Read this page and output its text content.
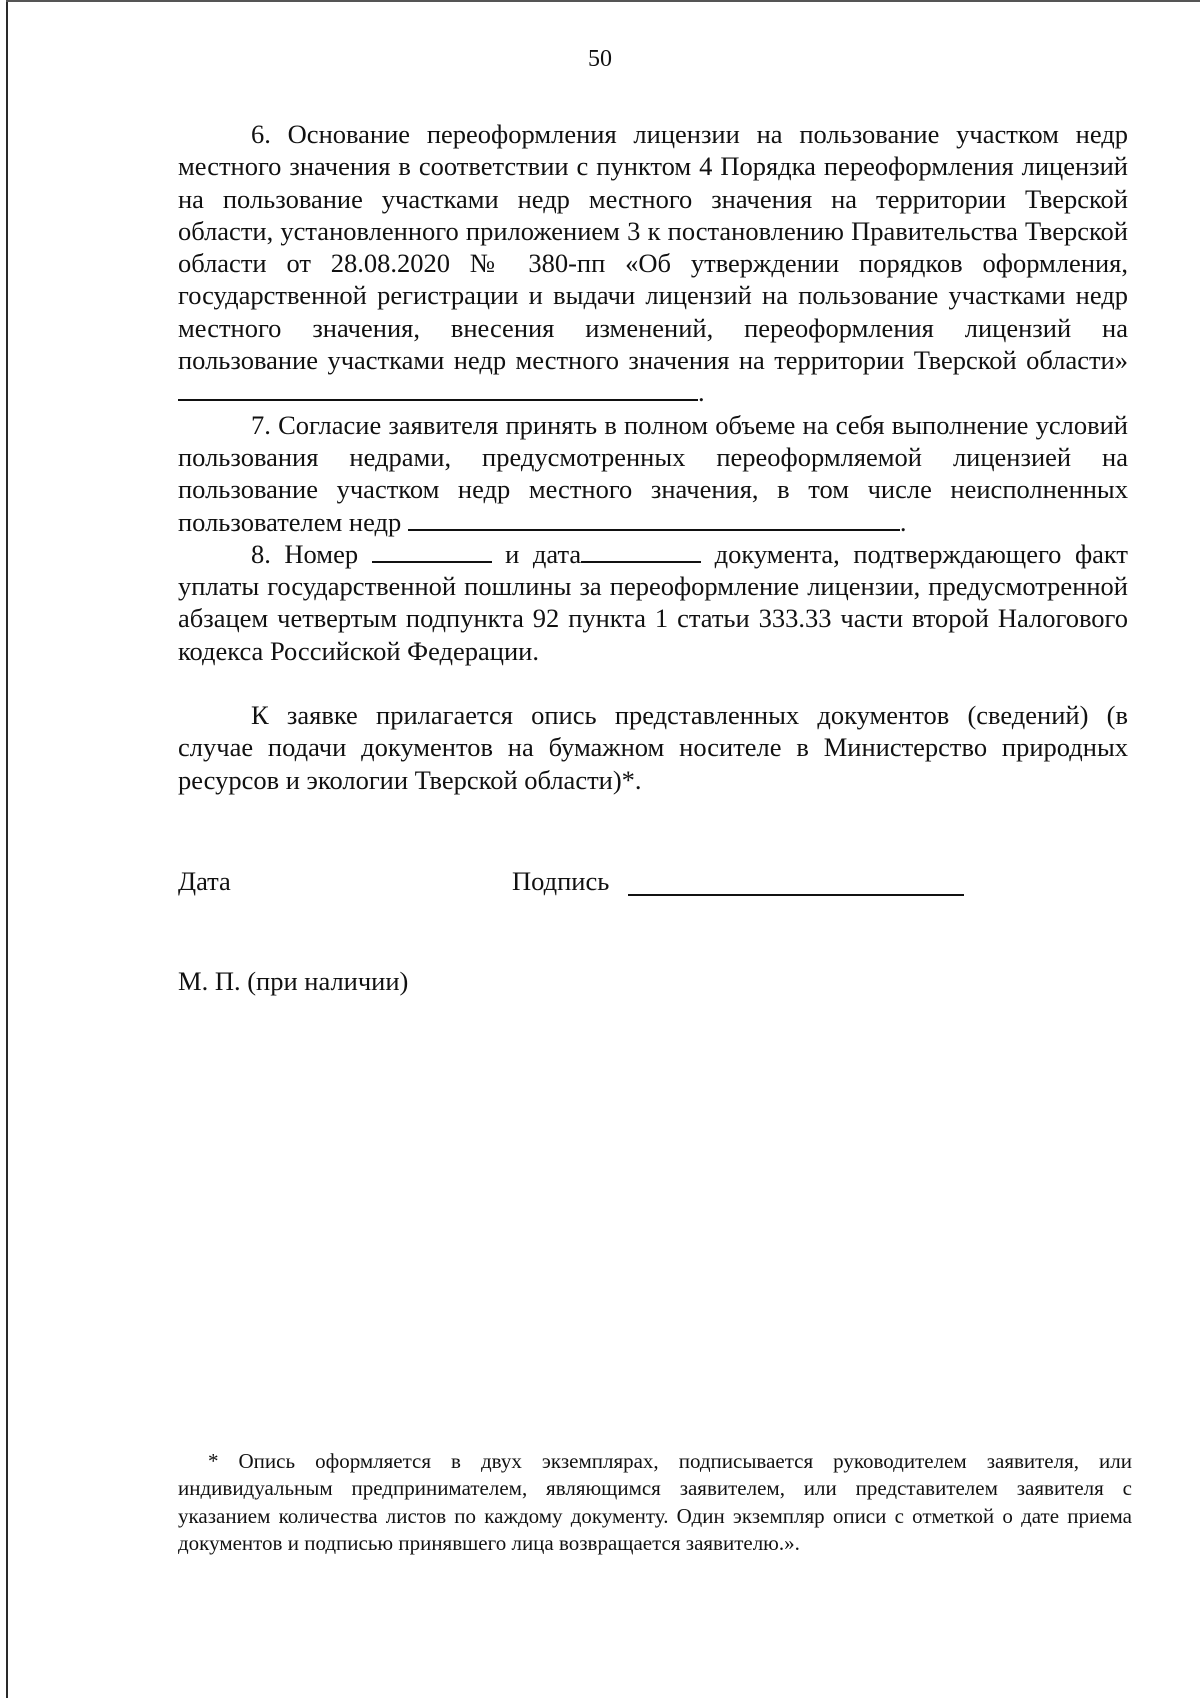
50

6. Основание переоформления лицензии на пользование участком недр местного значения в соответствии с пунктом 4 Порядка переоформления лицензий на пользование участками недр местного значения на территории Тверской области, установленного приложением 3 к постановлению Правительства Тверской области от 28.08.2020 № 380-пп «Об утверждении порядков оформления, государственной регистрации и выдачи лицензий на пользование участками недр местного значения, внесения изменений, переоформления лицензий на пользование участками недр местного значения на территории Тверской области».

7. Согласие заявителя принять в полном объеме на себя выполнение условий пользования недрами, предусмотренных переоформляемой лицензией на пользование участком недр местного значения, в том числе неисполненных пользователем недр	.

8. Номер	и дата	документа, подтверждающего факт уплаты государственной пошлины за переоформление лицензии, предусмотренной абзацем четвертым подпункта 92 пункта 1 статьи 333.33 части второй Налогового кодекса Российской Федерации.

К заявке прилагается опись представленных документов (сведений) (в случае подачи документов на бумажном носителе в Министерство природных ресурсов и экологии Тверской области)*.

Дата	Подпись
М. П. (при наличии)

* Опись оформляется в двух экземплярах, подписывается руководителем заявителя, или индивидуальным предпринимателем, являющимся заявителем, или представителем заявителя с указанием количества листов по каждому документу. Один экземпляр описи с отметкой о дате приема документов и подписью принявшего лица возвращается заявителю.».
